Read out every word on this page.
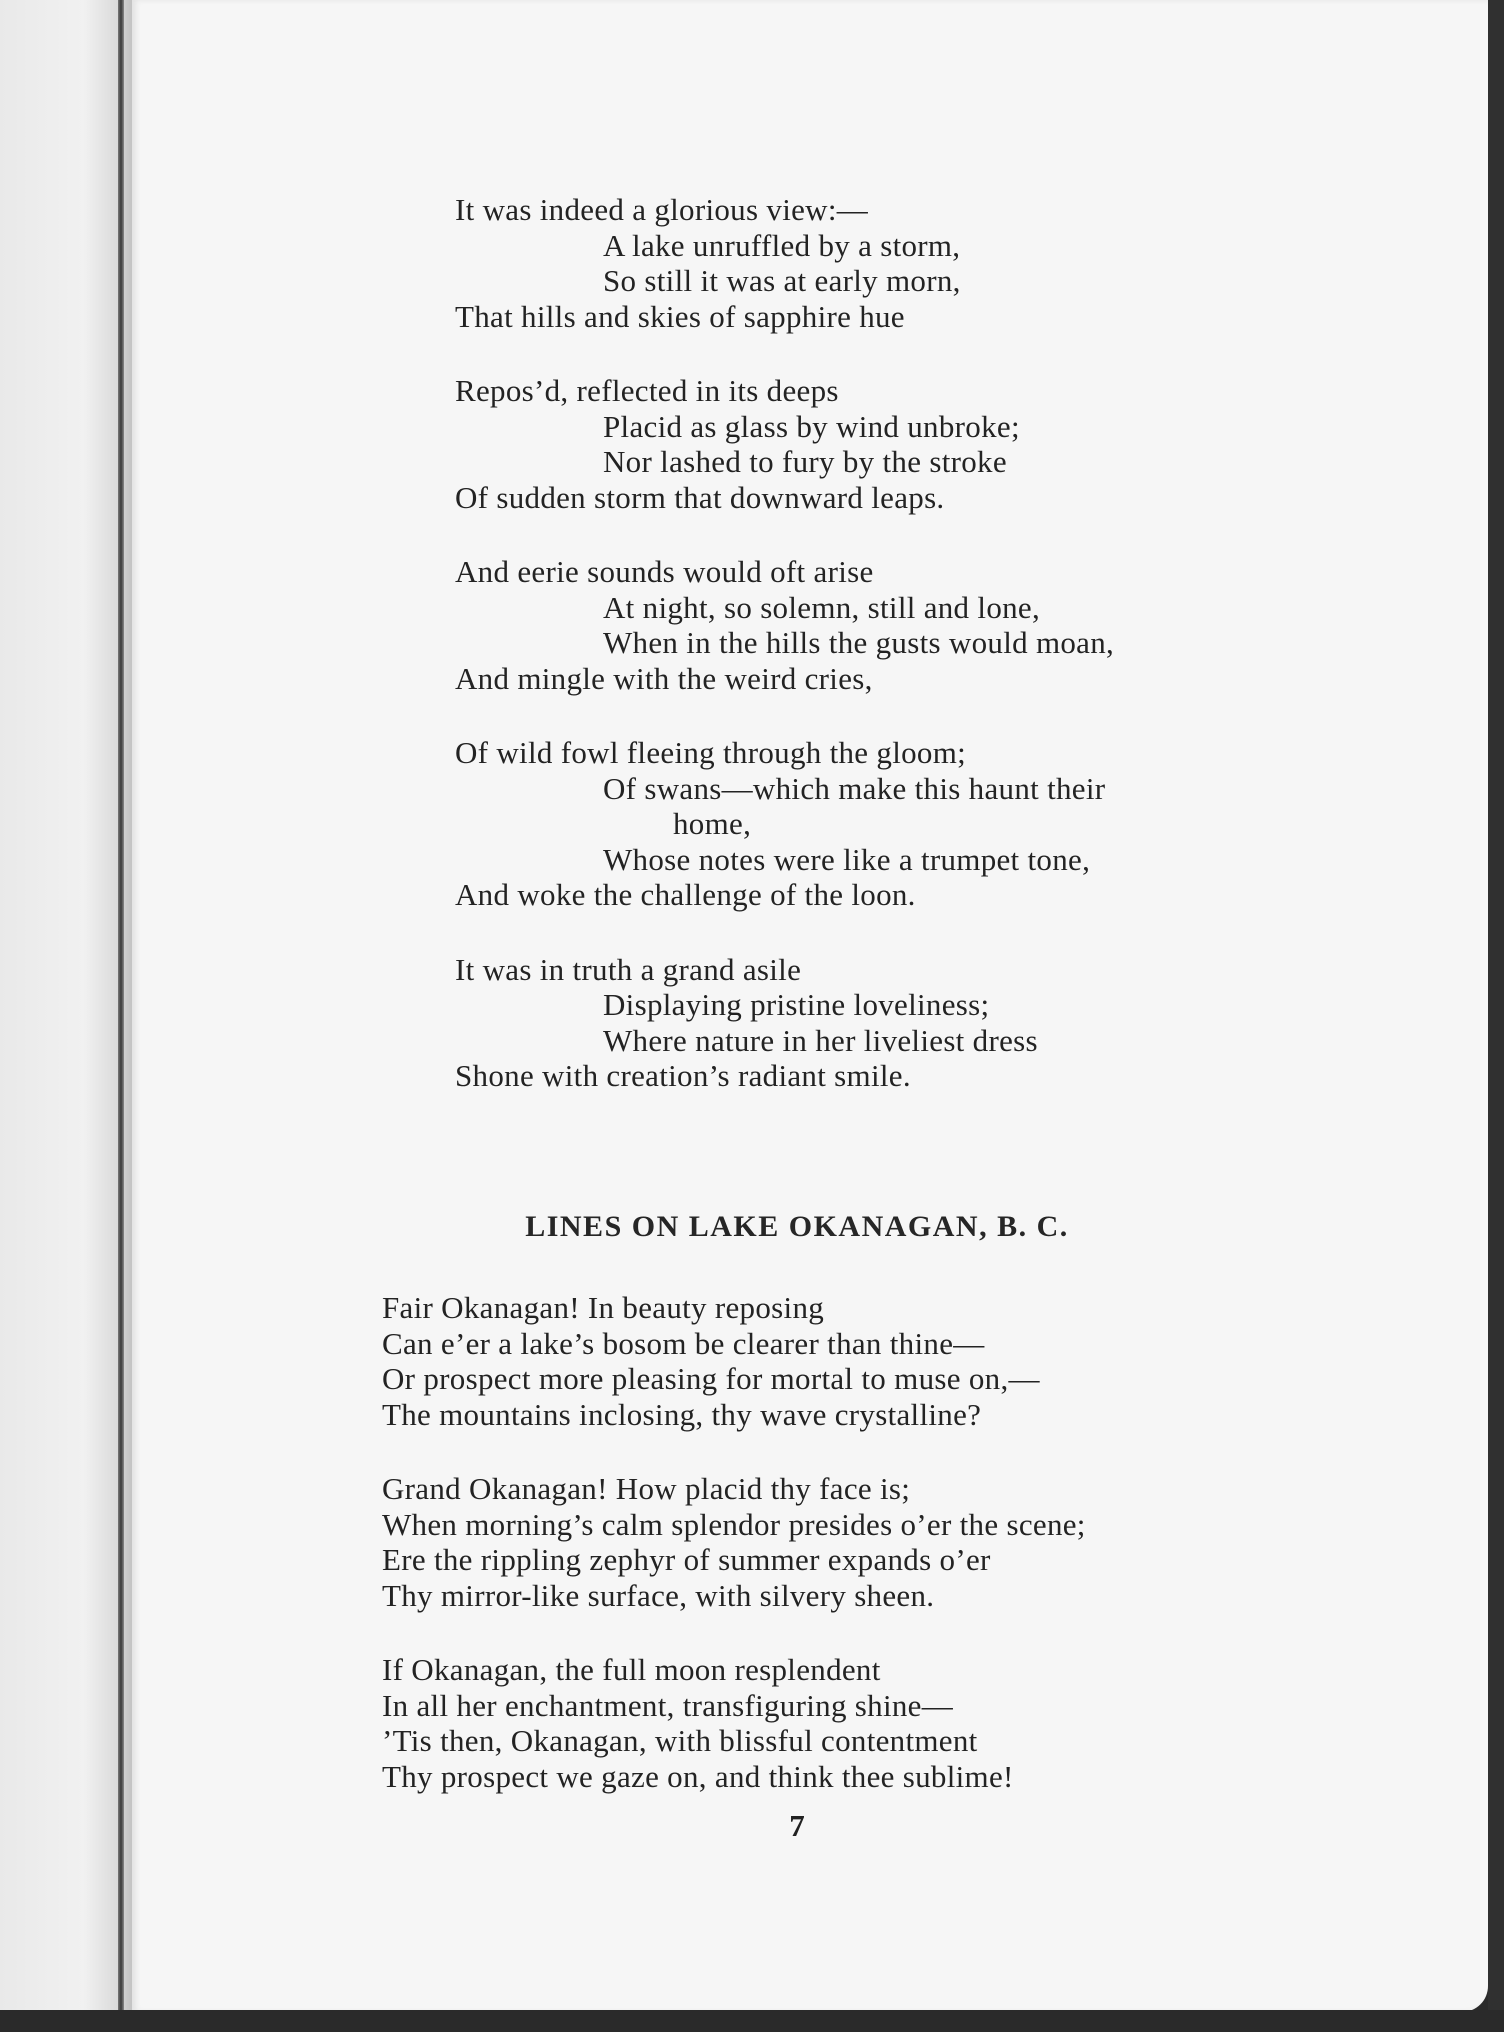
It was indeed a glorious view:—
A lake unruffled by a storm,
So still it was at early morn,
That hills and skies of sapphire hue
Repos’d, reflected in its deeps
Placid as glass by wind unbroke;
Nor lashed to fury by the stroke
Of sudden storm that downward leaps.
And eerie sounds would oft arise
At night, so solemn, still and lone,
When in the hills the gusts would moan,
And mingle with the weird cries,
Of wild fowl fleeing through the gloom;
Of swans—which make this haunt their
home,
Whose notes were like a trumpet tone,
And woke the challenge of the loon.
It was in truth a grand asile
Displaying pristine loveliness;
Where nature in her liveliest dress
Shone with creation’s radiant smile.
LINES ON LAKE OKANAGAN, B. C.
Fair Okanagan! In beauty reposing
Can e’er a lake’s bosom be clearer than thine—
Or prospect more pleasing for mortal to muse on,—
The mountains inclosing, thy wave crystalline?
Grand Okanagan! How placid thy face is;
When morning’s calm splendor presides o’er the scene;
Ere the rippling zephyr of summer expands o’er
Thy mirror-like surface, with silvery sheen.
If Okanagan, the full moon resplendent
In all her enchantment, transfiguring shine—
’Tis then, Okanagan, with blissful contentment
Thy prospect we gaze on, and think thee sublime!
7
